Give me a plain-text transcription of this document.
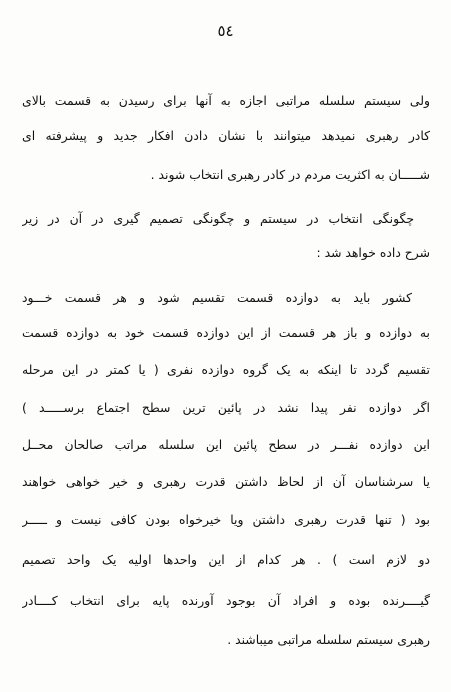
٥٤
ولی سیستم سلسله مراتبی اجازه به آنها برای رسیدن به قسمت بالای
کادر رهبری نمیدهد میتوانند با نشان دادن افکار جدید و پیشرفته ای
شـــــان به اکثریت مردم در کادر رهبری انتخاب شوند .
چگونگی انتخاب در سیستم و چگونگی تصمیم گیری در آن در زیر
شرح داده خواهد شد :
کشور باید به دوازده قسمت تقسیم شود و هر قسمت خـــود
به دوازده و باز هر قسمت از این دوازده قسمت خود به دوازده قسمت
تقسیم گردد تا اینکه به یک گروه دوازده نفری ( یا کمتر در این مرحله
اگر دوازده نفر پیدا نشد در پائین ترین سطح اجتماع برســـــد )
این دوازده نفـــر در سطح پائین این سلسله مراتب صالحان محــل
یا سرشناسان آن از لحاظ داشتن قدرت رهبری و خیر خواهی خواهند
بود ( تنها قدرت رهبری داشتن ویا خیرخواه بودن کافی نیست و ـــــر
دو لازم است ) . هر کدام از این واحدها اولیه یک واحد تصمیم
گیــــرنده بوده و افراد آن بوجود آورنده پایه برای انتخاب کــــادر
رهبری سیستم سلسله مراتبی میباشند .
